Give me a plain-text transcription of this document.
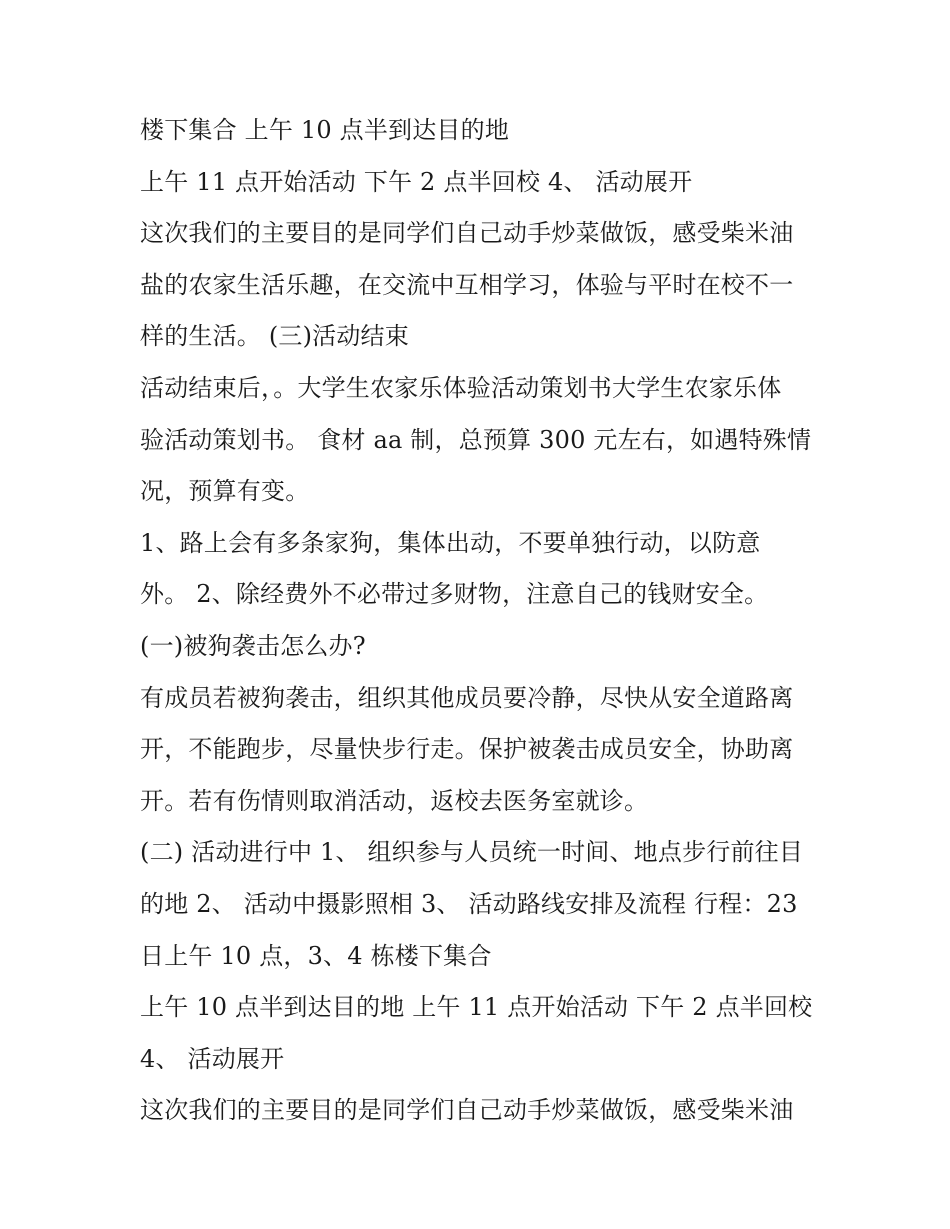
楼下集合 上午 10 点半到达目的地
上午 11 点开始活动 下午 2 点半回校 4、 活动展开
这次我们的主要目的是同学们自己动手炒菜做饭，感受柴米油
盐的农家生活乐趣，在交流中互相学习，体验与平时在校不一
样的生活。 (三)活动结束
活动结束后，。大学生农家乐体验活动策划书大学生农家乐体
验活动策划书。 食材 aa 制，总预算 300 元左右，如遇特殊情
况，预算有变。
1、路上会有多条家狗，集体出动，不要单独行动，以防意
外。 2、除经费外不必带过多财物，注意自己的钱财安全。
(一)被狗袭击怎么办?
有成员若被狗袭击，组织其他成员要冷静，尽快从安全道路离
开，不能跑步，尽量快步行走。保护被袭击成员安全，协助离
开。若有伤情则取消活动，返校去医务室就诊。
(二) 活动进行中 1、 组织参与人员统一时间、地点步行前往目
的地 2、 活动中摄影照相 3、 活动路线安排及流程 行程：23
日上午 10 点，3、4 栋楼下集合
上午 10 点半到达目的地 上午 11 点开始活动 下午 2 点半回校
4、 活动展开
这次我们的主要目的是同学们自己动手炒菜做饭，感受柴米油
